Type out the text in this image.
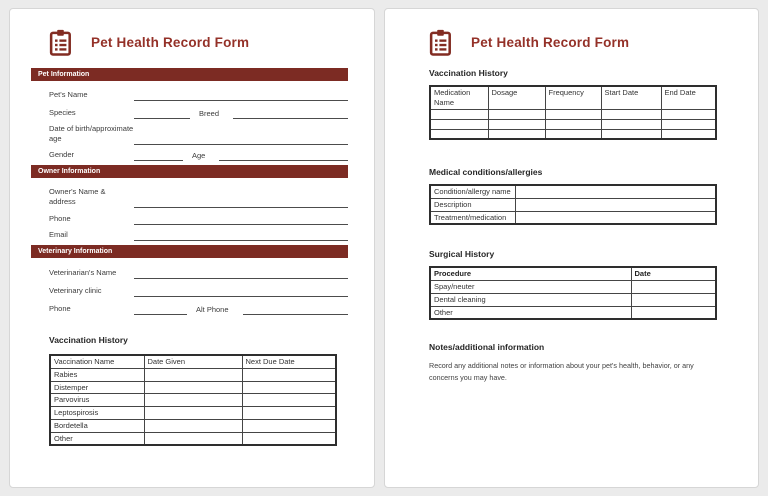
Pet Health Record Form
Pet Information
Pet's Name
Species	Breed
Date of birth/approximate age
Gender	Age
Owner Information
Owner's Name & address
Phone
Email
Veterinary Information
Veterinarian's Name
Veterinary clinic
Phone	Alt Phone
Vaccination History
Vaccination Name	Date Given	Next Due Date
Rabies		
Distemper		
Parvovirus		
Leptospirosis		
Bordetella		
Other		
Pet Health Record Form
Vaccination History
Medication Name	Dosage	Frequency	Start Date	End Date

Medical conditions/allergies
Condition/allergy name	
Description	
Treatment/medication	
Surgical History
Procedure	Date
Spay/neuter	
Dental cleaning	
Other	
Notes/additional information

Record any additional notes or information about your pet's health, behavior, or any concerns you may have.
